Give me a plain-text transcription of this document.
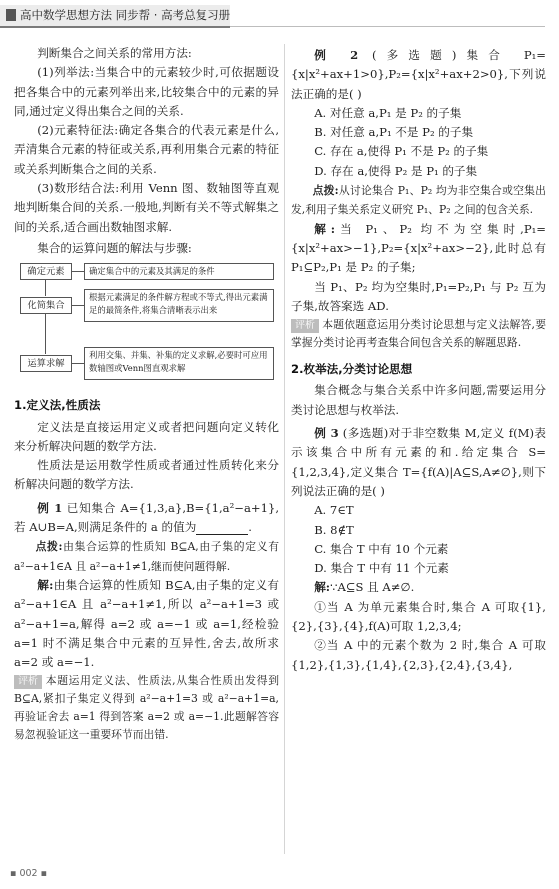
高中数学思想方法 同步帮 · 高考总复习册

判断集合之间关系的常用方法:

(1)列举法:当集合中的元素较少时,可依据题设把各集合中的元素列举出来,比较集合中的元素的异同,通过定义得出集合之间的关系.

(2)元素特征法:确定各集合的代表元素是什么,弄清集合元素的特征或关系,再利用集合元素的特征或关系判断集合之间的关系.

(3)数形结合法:利用 Venn 图、数轴图等直观地判断集合间的关系.一般地,判断有关不等式解集之间的关系,适合画出数轴图求解.

集合的运算问题的解法与步骤:

确定元素	确定集合中的元素及其满足的条件
化简集合
根据元素满足的条件解方程或不等式,得出元素满足的最简条件,将集合清晰表示出来
运算求解
利用交集、并集、补集的定义求解,必要时可应用数轴图或Venn图直观求解

1.定义法,性质法

定义法是直接运用定义或者把问题向定义转化来分析解决问题的数学方法.

性质法是运用数学性质或者通过性质转化来分析解决问题的数学方法.

例 1 已知集合 A={1,3,a},B={1,a²−a+1},若 A∪B=A,则满足条件的 a 的值为	.

点拨:由集合运算的性质知 B⊆A,由子集的定义有 a²−a+1∈A 且 a²−a+1≠1,继而使问题得解.

解:由集合运算的性质知 B⊆A,由子集的定义有 a²−a+1∈A 且 a²−a+1≠1,所以 a²−a+1=3 或 a²−a+1=a,解得 a=2 或 a=−1 或 a=1,经检验 a=1 时不满足集合中元素的互异性,舍去,故所求 a=2 或 a=−1.

评析 本题运用定义法、性质法,从集合性质出发得到 B⊆A,紧扣子集定义得到 a²−a+1=3 或 a²−a+1=a,再验证舍去 a=1 得到答案 a=2 或 a=−1.此题解答容易忽视验证这一重要环节而出错.

例 2 (多选题)集合 P₁={x|x²+ax+1>0},P₂={x|x²+ax+2>0},下列说法正确的是( )

A. 对任意 a,P₁ 是 P₂ 的子集

B. 对任意 a,P₁ 不是 P₂ 的子集

C. 存在 a,使得 P₁ 不是 P₂ 的子集

D. 存在 a,使得 P₂ 是 P₁ 的子集

点拨:从讨论集合 P₁、P₂ 均为非空集合或空集出发,利用子集关系定义研究 P₁、P₂ 之间的包含关系.

解:当 P₁、P₂ 均不为空集时,P₁={x|x²+ax>−1},P₂={x|x²+ax>−2},此时总有 P₁⊆P₂,P₁ 是 P₂ 的子集;

当 P₁、P₂ 均为空集时,P₁=P₂,P₁ 与 P₂ 互为子集,故答案选 AD.

评析 本题依题意运用分类讨论思想与定义法解答,要掌握分类讨论再考查集合间包含关系的解题思路.

2.枚举法,分类讨论思想

集合概念与集合关系中许多问题,需要运用分类讨论思想与枚举法.

例 3 (多选题)对于非空数集 M,定义 f(M)表示该集合中所有元素的和.给定集合 S={1,2,3,4},定义集合 T={f(A)|A⊆S,A≠∅},则下列说法正确的是( )

A. 7∈T

B. 8∉T

C. 集合 T 中有 10 个元素

D. 集合 T 中有 11 个元素

解:∵A⊆S 且 A≠∅.

①当 A 为单元素集合时,集合 A 可取{1},{2},{3},{4},f(A)可取 1,2,3,4;

②当 A 中的元素个数为 2 时,集合 A 可取{1,2},{1,3},{1,4},{2,3},{2,4},{3,4},

▪ 002 ▪
